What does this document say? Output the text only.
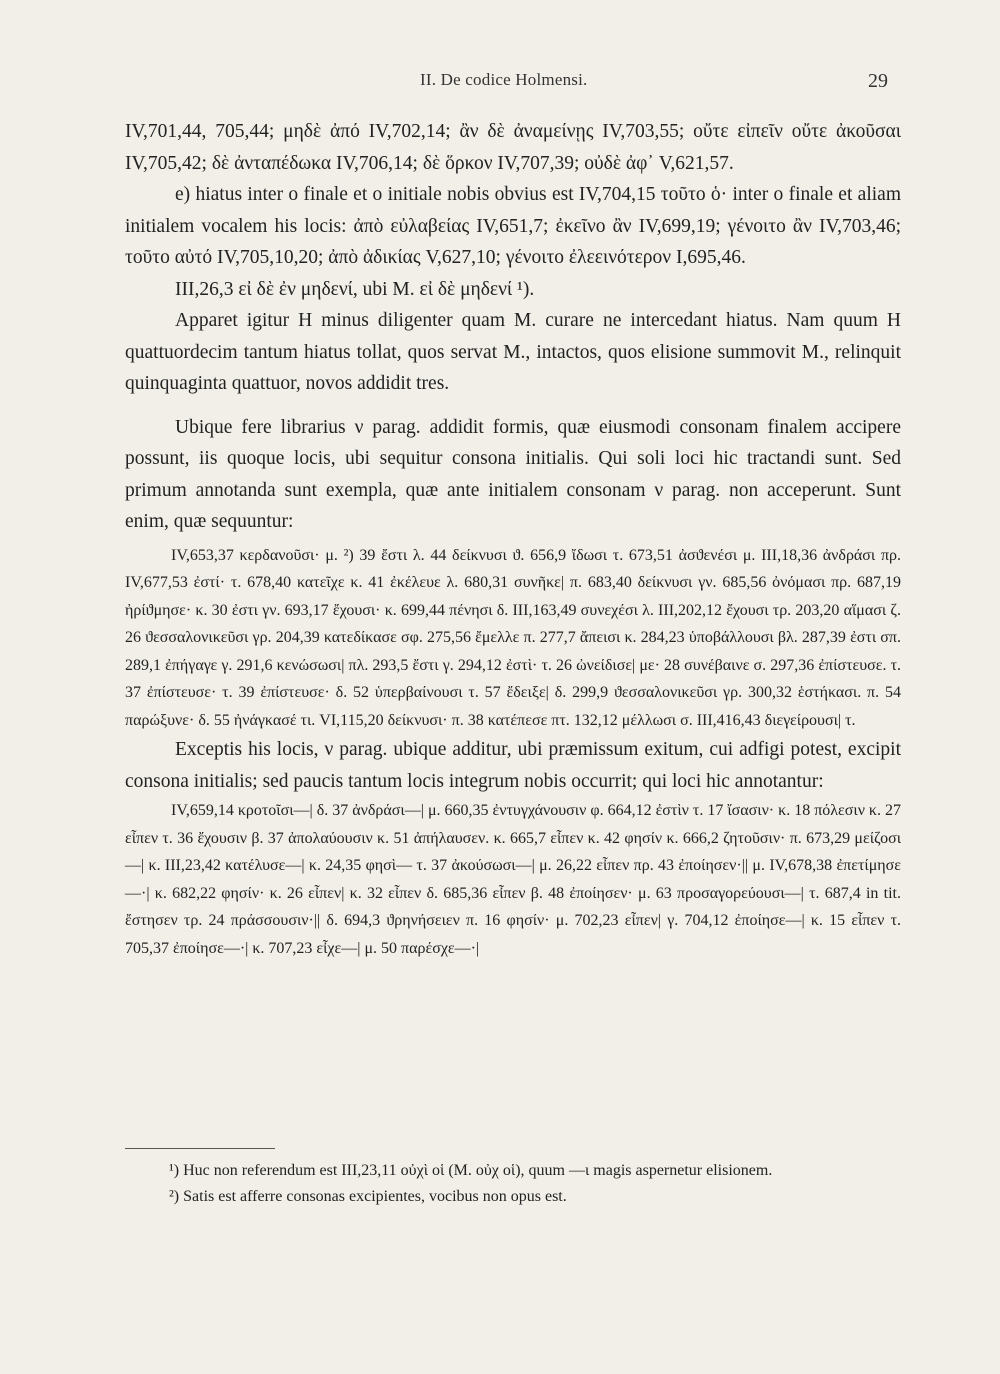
II. De codice Holmensi.	29

IV,701,44, 705,44; μηδὲ ἀπό IV,702,14; ἂν δὲ ἀναμείνῃς IV,703,55; οὔτε εἰπεῖν οὔτε ἀκοῦσαι IV,705,42; δὲ ἀνταπέδωκα IV,706,14; δὲ ὅρκον IV,707,39; οὐδὲ ἀφ᾽ V,621,57.

e) hiatus inter ο finale et ο initiale nobis obvius est IV,704,15 τοῦτο ὁ· inter ο finale et aliam initialem vocalem his locis: ἀπὸ εὐλαβείας IV,651,7; ἐκεῖνο ἂν IV,699,19; γένοιτο ἂν IV,703,46; τοῦτο αὐτό IV,705,10,20; ἀπὸ ἀδικίας V,627,10; γένοιτο ἐλεεινότερον I,695,46.

III,26,3 εἰ δὲ ἐν μηδενί, ubi M. εἰ δὲ μηδενί ¹).

Apparet igitur H minus diligenter quam M. curare ne intercedant hiatus. Nam quum H quattuordecim tantum hiatus tollat, quos servat M., intactos, quos elisione summovit M., relinquit quinquaginta quattuor, novos addidit tres.

Ubique fere librarius ν parag. addidit formis, quæ eiusmodi consonam finalem accipere possunt, iis quoque locis, ubi sequitur consona initialis. Qui soli loci hic tractandi sunt. Sed primum annotanda sunt exempla, quæ ante initialem consonam ν parag. non acceperunt. Sunt enim, quæ sequuntur:

IV,653,37 κερδανοῦσι· μ. ²) 39 ἔστι λ. 44 δείκνυσι ϑ. 656,9 ἴδωσι τ. 673,51 ἀσϑενέσι μ. III,18,36 ἀνδράσι πρ. IV,677,53 ἐστί· τ. 678,40 κατεῖχε κ. 41 ἐκέλευε λ. 680,31 συνῆκε| π. 683,40 δείκνυσι γν. 685,56 ὀνόμασι πρ. 687,19 ἠρίϑμησε· κ. 30 ἐστι γν. 693,17 ἔχουσι· κ. 699,44 πένησι δ. III,163,49 συνεχέσι λ. III,202,12 ἔχουσι τρ. 203,20 αἵμασι ζ. 26 ϑεσσαλονικεῦσι γρ. 204,39 κατεδίκασε σφ. 275,56 ἔμελλε π. 277,7 ἄπεισι κ. 284,23 ὑποβάλλουσι βλ. 287,39 ἐστι σπ. 289,1 ἐπήγαγε γ. 291,6 κενώσωσι| πλ. 293,5 ἔστι γ. 294,12 ἐστὶ· τ. 26 ὠνείδισε| με· 28 συνέβαινε σ. 297,36 ἐπίστευσε. τ. 37 ἐπίστευσε· τ. 39 ἐπίστευσε· δ. 52 ὑπερβαίνουσι τ. 57 ἔδειξε| δ. 299,9 ϑεσσαλονικεῦσι γρ. 300,32 ἑστήκασι. π. 54 παρώξυνε· δ. 55 ἠνάγκασέ τι. VI,115,20 δείκνυσι· π. 38 κατέπεσε πτ. 132,12 μέλλωσι σ. III,416,43 διεγείρουσι| τ.

Exceptis his locis, ν parag. ubique additur, ubi præmissum exitum, cui adfigi potest, excipit consona initialis; sed paucis tantum locis integrum nobis occurrit; qui loci hic annotantur:

IV,659,14 κροτοῖσι—| δ. 37 ἀνδράσι—| μ. 660,35 ἐντυγχάνουσιν φ. 664,12 ἐστὶν τ. 17 ἴσασιν· κ. 18 πόλεσιν κ. 27 εἶπεν τ. 36 ἔχουσιν β. 37 ἀπολαύουσιν κ. 51 ἀπήλαυσεν. κ. 665,7 εἶπεν κ. 42 φησίν κ. 666,2 ζητοῦσιν· π. 673,29 μείζοσι—| κ. III,23,42 κατέλυσε—| κ. 24,35 φησὶ— τ. 37 ἀκούσωσι—| μ. 26,22 εἶπεν πρ. 43 ἐποίησεν·|| μ. IV,678,38 ἐπετίμησε—·| κ. 682,22 φησίν· κ. 26 εἶπεν| κ. 32 εἶπεν δ. 685,36 εἶπεν β. 48 ἐποίησεν· μ. 63 προσαγορεύουσι—| τ. 687,4 in tit. ἔστησεν τρ. 24 πράσσουσιν·|| δ. 694,3 ϑρηνήσειεν π. 16 φησίν· μ. 702,23 εἶπεν| γ. 704,12 ἐποίησε—| κ. 15 εἶπεν τ. 705,37 ἐποίησε—·| κ. 707,23 εἶχε—| μ. 50 παρέσχε—·|

¹) Huc non referendum est III,23,11 οὐχὶ οἱ (M. οὐχ οἱ), quum —ι magis aspernetur elisionem.

²) Satis est afferre consonas excipientes, vocibus non opus est.
